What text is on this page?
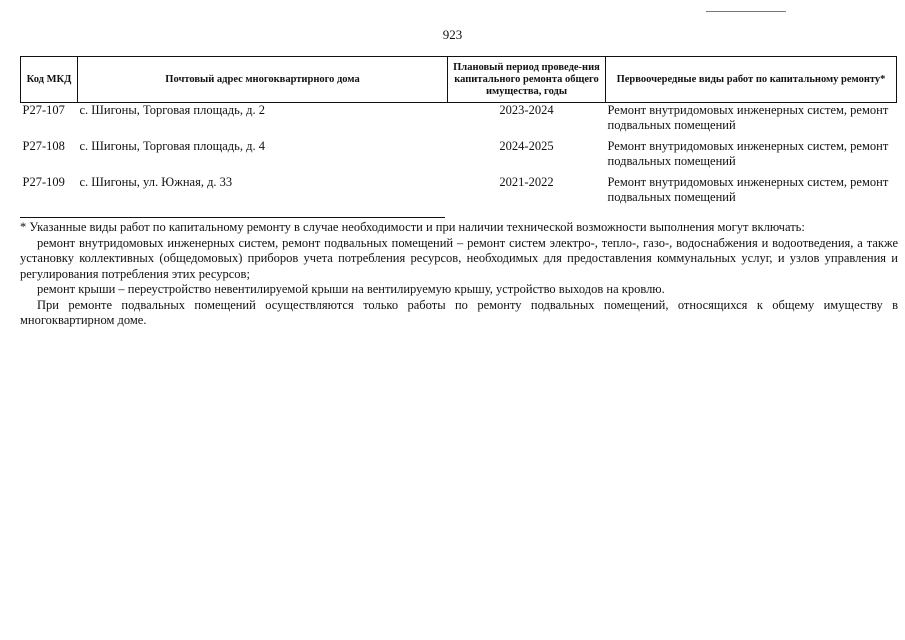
923
Код МКД	Почтовый адрес многоквартирного дома	Плановый период проведе-ния капитального ремонта общего имущества, годы	Первоочередные виды работ по капитальному ремонту*
Р27-107	с. Шигоны, Торговая площадь, д. 2	2023-2024	Ремонт внутридомовых инженерных систем, ремонт подвальных помещений
Р27-108	с. Шигоны, Торговая площадь, д. 4	2024-2025	Ремонт внутридомовых инженерных систем, ремонт подвальных помещений
Р27-109	с. Шигоны, ул. Южная, д. 33	2021-2022	Ремонт внутридомовых инженерных систем, ремонт подвальных помещений

* Указанные виды работ по капитальному ремонту в случае необходимости и при наличии технической возможности выполнения могут включать:

ремонт внутридомовых инженерных систем, ремонт подвальных помещений – ремонт систем электро-, тепло-, газо-, водоснабжения и водоотведения, а также установку коллективных (общедомовых) приборов учета потребления ресурсов, необходимых для предоставления коммунальных услуг, и узлов управления и регулирования потребления этих ресурсов;

ремонт крыши – переустройство невентилируемой крыши на вентилируемую крышу, устройство выходов на кровлю.

При ремонте подвальных помещений осуществляются только работы по ремонту подвальных помещений, относящихся к общему имуществу в многоквартирном доме.
